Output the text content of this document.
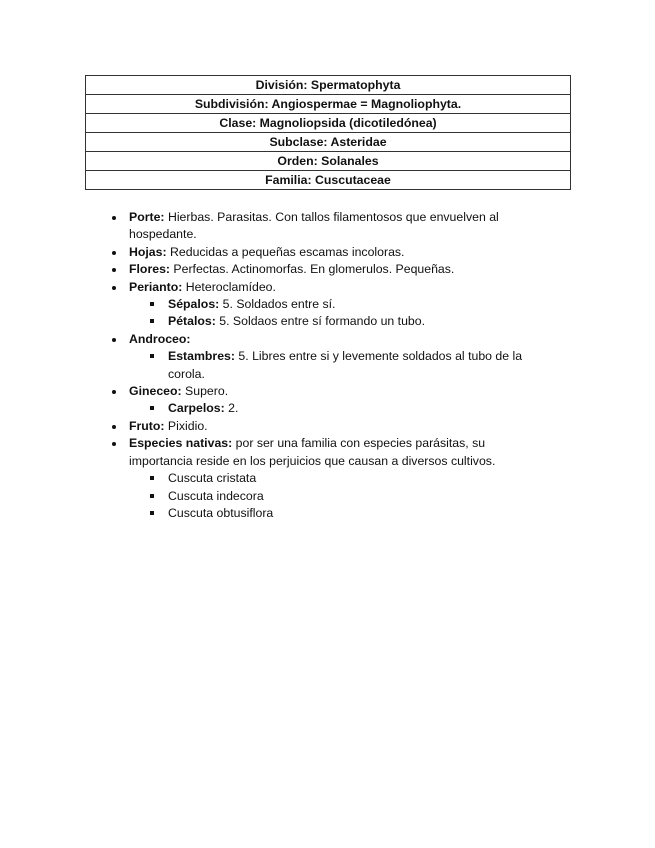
División: Spermatophyta
Subdivisión: Angiospermae = Magnoliophyta.
Clase: Magnoliopsida (dicotiledónea)
Subclase: Asteridae
Orden: Solanales
Familia: Cuscutaceae
Porte: Hierbas. Parasitas. Con tallos filamentosos que envuelven al hospedante.
Hojas: Reducidas a pequeñas escamas incoloras.
Flores: Perfectas. Actinomorfas. En glomerulos. Pequeñas.
Perianto: Heteroclamídeo.
Sépalos: 5. Soldados entre sí.
Pétalos: 5. Soldaos entre sí formando un tubo.
Androceo:
Estambres: 5. Libres entre si y levemente soldados al tubo de la corola.
Gineceo: Supero.
Carpelos: 2.
Fruto: Pixidio.
Especies nativas: por ser una familia con especies parásitas, su importancia reside en los perjuicios que causan a diversos cultivos.
Cuscuta cristata
Cuscuta indecora
Cuscuta obtusiflora
